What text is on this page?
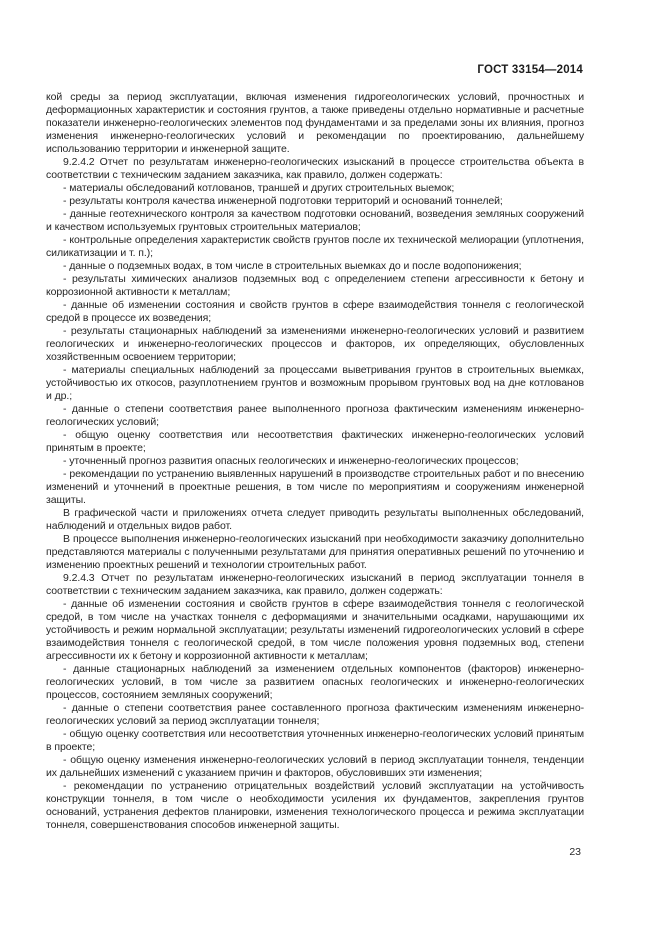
ГОСТ 33154—2014

кой среды за период эксплуатации, включая изменения гидрогеологических условий, прочностных и деформационных характеристик и состояния грунтов, а также приведены отдельно нормативные и расчетные показатели инженерно-геологических элементов под фундаментами и за пределами зоны их влияния, прогноз изменения инженерно-геологических условий и рекомендации по проектированию, дальнейшему использованию территории и инженерной защите.

9.2.4.2 Отчет по результатам инженерно-геологических изысканий в процессе строительства объекта в соответствии с техническим заданием заказчика, как правило, должен содержать:

- материалы обследований котлованов, траншей и других строительных выемок;

- результаты контроля качества инженерной подготовки территорий и оснований тоннелей;

- данные геотехнического контроля за качеством подготовки оснований, возведения земляных сооружений и качеством используемых грунтовых строительных материалов;

- контрольные определения характеристик свойств грунтов после их технической мелиорации (уплотнения, силикатизации и т. п.);

- данные о подземных водах, в том числе в строительных выемках до и после водопонижения;

- результаты химических анализов подземных вод с определением степени агрессивности к бетону и коррозионной активности к металлам;

- данные об изменении состояния и свойств грунтов в сфере взаимодействия тоннеля с геологической средой в процессе их возведения;

- результаты стационарных наблюдений за изменениями инженерно-геологических условий и развитием геологических и инженерно-геологических процессов и факторов, их определяющих, обусловленных хозяйственным освоением территории;

- материалы специальных наблюдений за процессами выветривания грунтов в строительных выемках, устойчивостью их откосов, разуплотнением грунтов и возможным прорывом грунтовых вод на дне котлованов и др.;

- данные о степени соответствия ранее выполненного прогноза фактическим изменениям инженерно-геологических условий;

- общую оценку соответствия или несоответствия фактических инженерно-геологических условий принятым в проекте;

- уточненный прогноз развития опасных геологических и инженерно-геологических процессов;

- рекомендации по устранению выявленных нарушений в производстве строительных работ и по внесению изменений и уточнений в проектные решения, в том числе по мероприятиям и сооружениям инженерной защиты.

В графической части и приложениях отчета следует приводить результаты выполненных обследований, наблюдений и отдельных видов работ.

В процессе выполнения инженерно-геологических изысканий при необходимости заказчику дополнительно представляются материалы с полученными результатами для принятия оперативных решений по уточнению и изменению проектных решений и технологии строительных работ.

9.2.4.3 Отчет по результатам инженерно-геологических изысканий в период эксплуатации тоннеля в соответствии с техническим заданием заказчика, как правило, должен содержать:

- данные об изменении состояния и свойств грунтов в сфере взаимодействия тоннеля с геологической средой, в том числе на участках тоннеля с деформациями и значительными осадками, нарушающими их устойчивость и режим нормальной эксплуатации; результаты изменений гидрогеологических условий в сфере взаимодействия тоннеля с геологической средой, в том числе положения уровня подземных вод, степени агрессивности их к бетону и коррозионной активности к металлам;

- данные стационарных наблюдений за изменением отдельных компонентов (факторов) инженерно-геологических условий, в том числе за развитием опасных геологических и инженерно-геологических процессов, состоянием земляных сооружений;

- данные о степени соответствия ранее составленного прогноза фактическим изменениям инженерно-геологических условий за период эксплуатации тоннеля;

- общую оценку соответствия или несоответствия уточненных инженерно-геологических условий принятым в проекте;

- общую оценку изменения инженерно-геологических условий в период эксплуатации тоннеля, тенденции их дальнейших изменений с указанием причин и факторов, обусловивших эти изменения;

- рекомендации по устранению отрицательных воздействий условий эксплуатации на устойчивость конструкции тоннеля, в том числе о необходимости усиления их фундаментов, закрепления грунтов оснований, устранения дефектов планировки, изменения технологического процесса и режима эксплуатации тоннеля, совершенствования способов инженерной защиты.

23
